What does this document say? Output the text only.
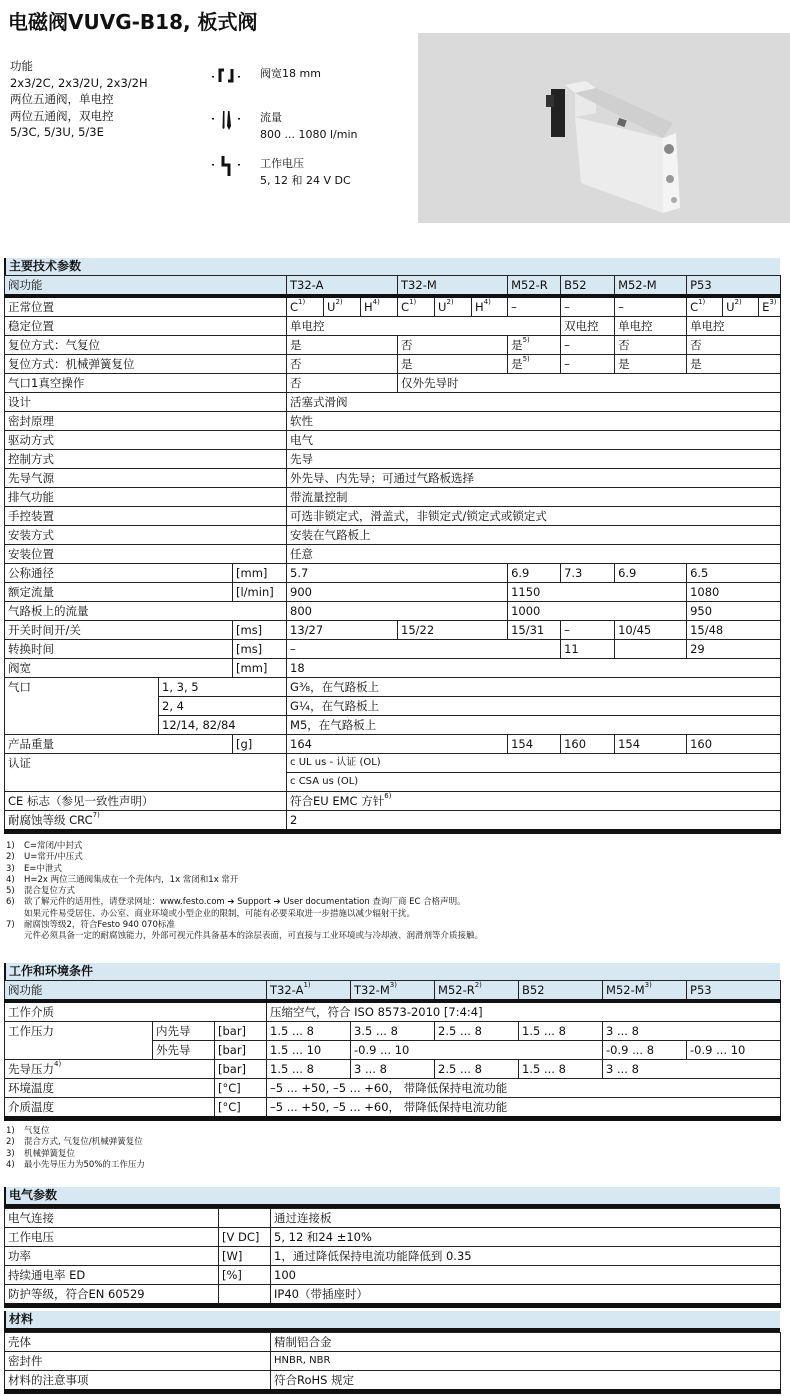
电磁阀VUVG-B18, 板式阀
功能
2x3/2C, 2x3/2U, 2x3/2H
两位五通阀，单电控
两位五通阀，双电控
5/3C, 5/3U, 5/3E
阀宽18 mm
流量
800 ... 1080 l/min
工作电压
5, 12 和 24 V DC
主要技术参数
阀功能			T32-A			T32-M			M52-R	B52	M52-M	P53		
正常位置			$C^{1)}$	$U^{2)}$	$H^{4)}$	$C^{1)}$	$U^{2)}$	$H^{4)}$	–	–	–	$C^{1)}$	$U^{2)}$	$E^{3)}$
稳定位置			单电控							双电控	单电控	单电控		
复位方式：气复位			是			否			是$^{5)}$	–	否	否		
复位方式：机械弹簧复位			否			是			是$^{5)}$	–	是	是		
气口1真空操作			否			仅外先导时								
设计			活塞式滑阀											
密封原理			软性											
驱动方式			电气											
控制方式			先导											
先导气源			外先导、内先导；可通过气路板选择											
排气功能			带流量控制											
手控装置			可选非锁定式，滑盖式，非锁定式/锁定式或锁定式											
安装方式			安装在气路板上											
安装位置			任意											
公称通径		[mm]	5.7						6.9	7.3	6.9	6.5		
额定流量		[l/min]	900						1150			1080		
气路板上的流量			800						1000			950		
开关时间开/关		[ms]	13/27			15/22			15/31	–	10/45	15/48		
转换时间		[ms]	–							11		29		
阀宽		[mm]	18											
气口	1, 3, 5		G⅜，在气路板上											
	2, 4		G¼，在气路板上											
	12/14, 82/84		M5，在气路板上											
产品重量		[g]	164						154	160	154	160		
认证			c UL us - 认证 (OL)											
			c CSA us (OL)											
CE 标志（参见一致性声明）			符合EU EMC 方针$^{6)}$
耐腐蚀等级 CRC$^{7)}$			2											
1) C=常闭/中封式
2) U=常开/中压式
3) E=中泄式
4) H=2x 两位三通阀集成在一个壳体内，1x 常闭和1x 常开
5) 混合复位方式
6) 欲了解元件的适用性，请登录网址：www.festo.com ➔ Support ➔ User documentation 查询厂商 EC 合格声明。
如果元件易受居住、办公室、商业环境或小型企业的限制，可能有必要采取进一步措施以减少辐射干扰。
7) 耐腐蚀等级2，符合Festo 940 070标准
元件必须具备一定的耐腐蚀能力，外部可视元件具备基本的涂层表面，可直接与工业环境或与冷却液、润滑剂等介质接触。
工作和环境条件
阀功能			$T32-A^{1)}$	$T32-M^{3)}$	$M52-R^{2)}$	B52	$M52-M^{3)}$	P53
工作介质			压缩空气，符合 ISO 8573-2010 [7:4:4]					
工作压力	内先导	[bar]	1.5 ... 8	3.5 ... 8	2.5 ... 8	1.5 ... 8	3 ... 8	
	外先导	[bar]	1.5 ... 10	-0.9 ... 10			-0.9 ... 8	-0.9 ... 10
先导压力$^{4)}$		[bar]	1.5 ... 8	3 ... 8	2.5 ... 8	1.5 ... 8	3 ... 8	
环境温度		[°C]	–5 ... +50, –5 ... +60， 带降低保持电流功能					
介质温度		[°C]	–5 ... +50, –5 ... +60， 带降低保持电流功能					
1) 气复位
2) 混合方式, 气复位/机械弹簧复位
3) 机械弹簧复位
4) 最小先导压力为50%的工作压力
电气参数
电气连接		通过连接板
工作电压	[V DC]	5, 12 和24 ±10%
功率	[W]	1，通过降低保持电流功能降低到 0.35
持续通电率 ED	[%]	100
防护等级，符合EN 60529		IP40（带插座时）
材料
壳体	精制铝合金
密封件	HNBR, NBR
材料的注意事项	符合RoHS 规定
